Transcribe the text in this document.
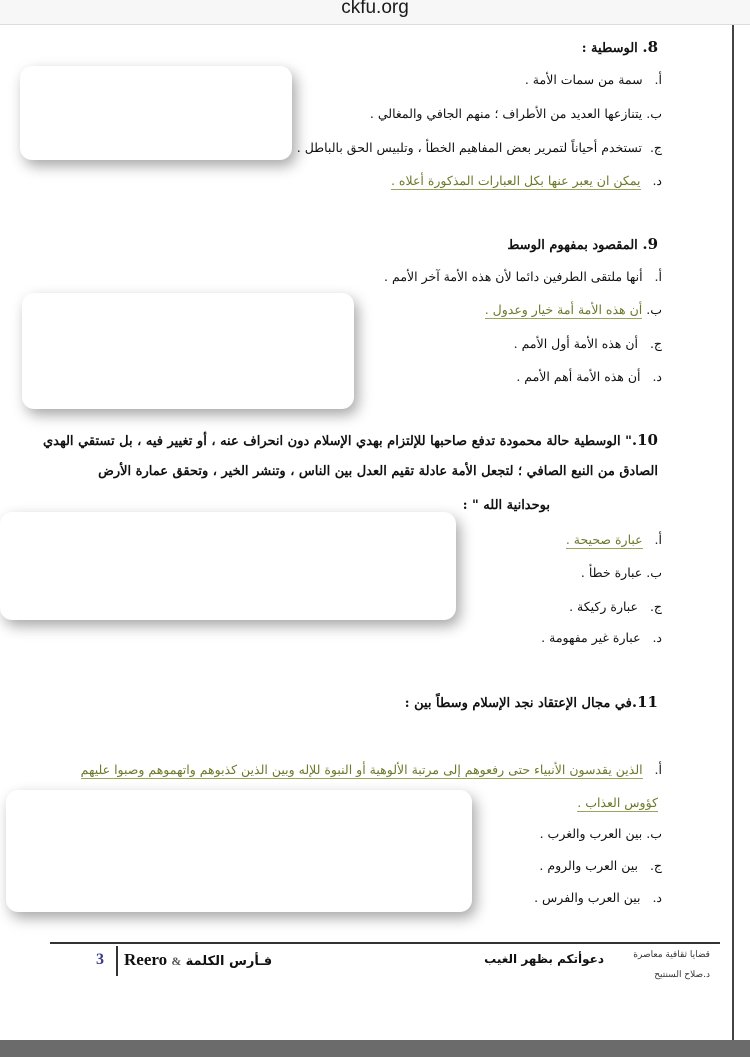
ckfu.org
8. الوسطية :
أ.   سمة من سمات الأمة .
ب. يتنازعها العديد من الأطراف ؛ منهم الجافي والمغالي .
ج.  تستخدم أحياناً لتمرير بعض المفاهيم الخطأ ، وتلبيس الحق بالباطل .
د.   يمكن ان يعبر عنها بكل العبارات المذكورة أعلاه .
9. المقصود بمفهوم الوسط
أ.   أنها ملتقى الطرفين دائما لأن هذه الأمة آخر الأمم .
ب. أن هذه الأمة أمة خيار وعدول .
ج.   أن هذه الأمة أول الأمم .
د.   أن هذه الأمة أهم الأمم .
10." الوسطية حالة محمودة تدفع صاحبها للإلتزام بهدي الإسلام دون انحراف عنه ، أو تغيير فيه ، بل تستقي الهدي
الصادق من النبع الصافي ؛ لتجعل الأمة عادلة تقيم العدل بين الناس ، وتنشر الخير ، وتحقق عمارة الأرض
بوحدانية الله " :
أ.   عبارة صحيحة .
ب. عبارة خطأ .
ج.   عبارة ركيكة .
د.   عبارة غير مفهومة .
11.في مجال الإعتقاد نجد الإسلام وسطاً بين :
أ.   الذين يقدسون الأنبياء حتى رفعوهم إلى مرتبة الألوهية أو النبوة للإله وبين الذين كذبوهم واتهموهم وصبوا عليهم
كؤوس العذاب .
ب. بين العرب والغرب .
ج.   بين العرب والروم .
د.   بين العرب والفرس .
3 Reero & فـأرس الكلمة	دعوأتكم بظهر الغيب	قضايا ثقافية معاصرة
د.صلاح السنتيح
